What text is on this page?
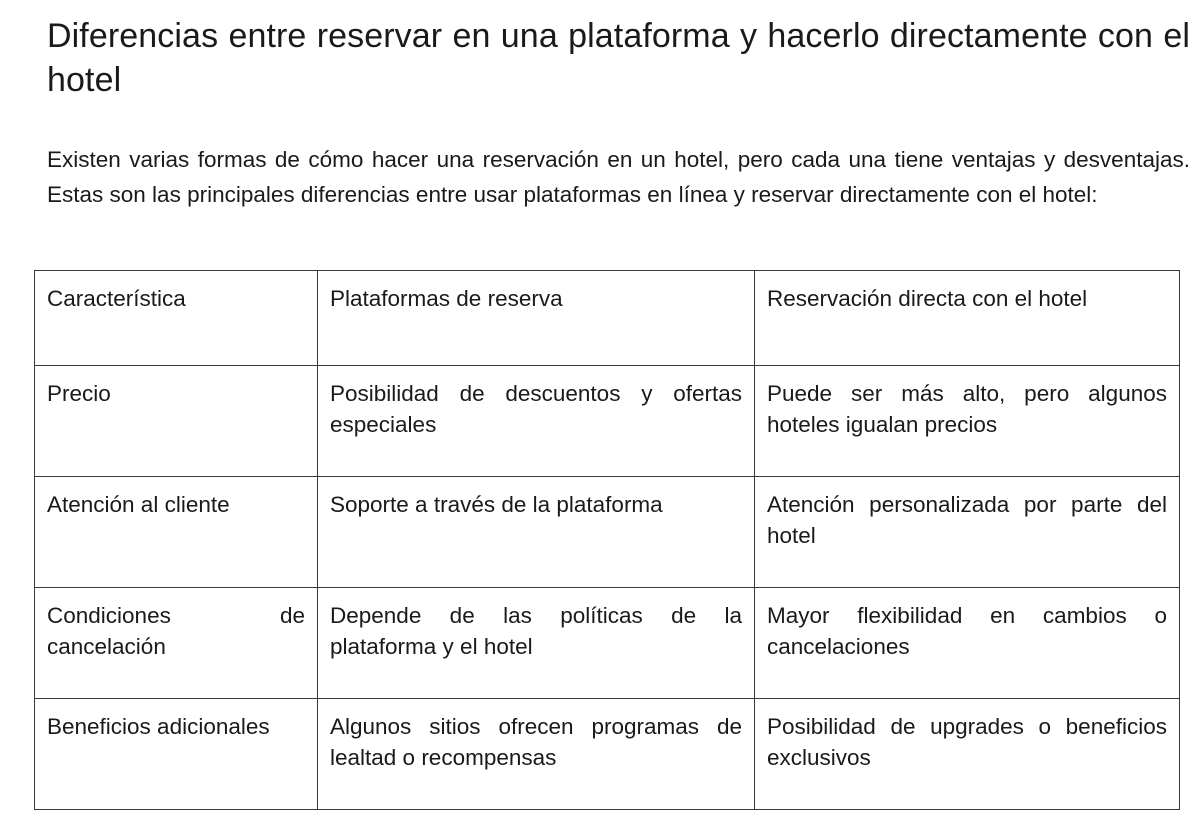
Diferencias entre reservar en una plataforma y hacerlo directamente con el hotel

Existen varias formas de cómo hacer una reservación en un hotel, pero cada una tiene ventajas y desventajas. Estas son las principales diferencias entre usar plataformas en línea y reservar directamente con el hotel:

Característica	Plataformas de reserva	Reservación directa con el hotel
Precio	Posibilidad de descuentos y ofertas especiales	Puede ser más alto, pero algunos hoteles igualan precios
Atención al cliente	Soporte a través de la plataforma	Atención personalizada por parte del hotel
Condiciones de cancelación	Depende de las políticas de la plataforma y el hotel	Mayor flexibilidad en cambios o cancelaciones
Beneficios adicionales	Algunos sitios ofrecen programas de lealtad o recompensas	Posibilidad de upgrades o beneficios exclusivos
